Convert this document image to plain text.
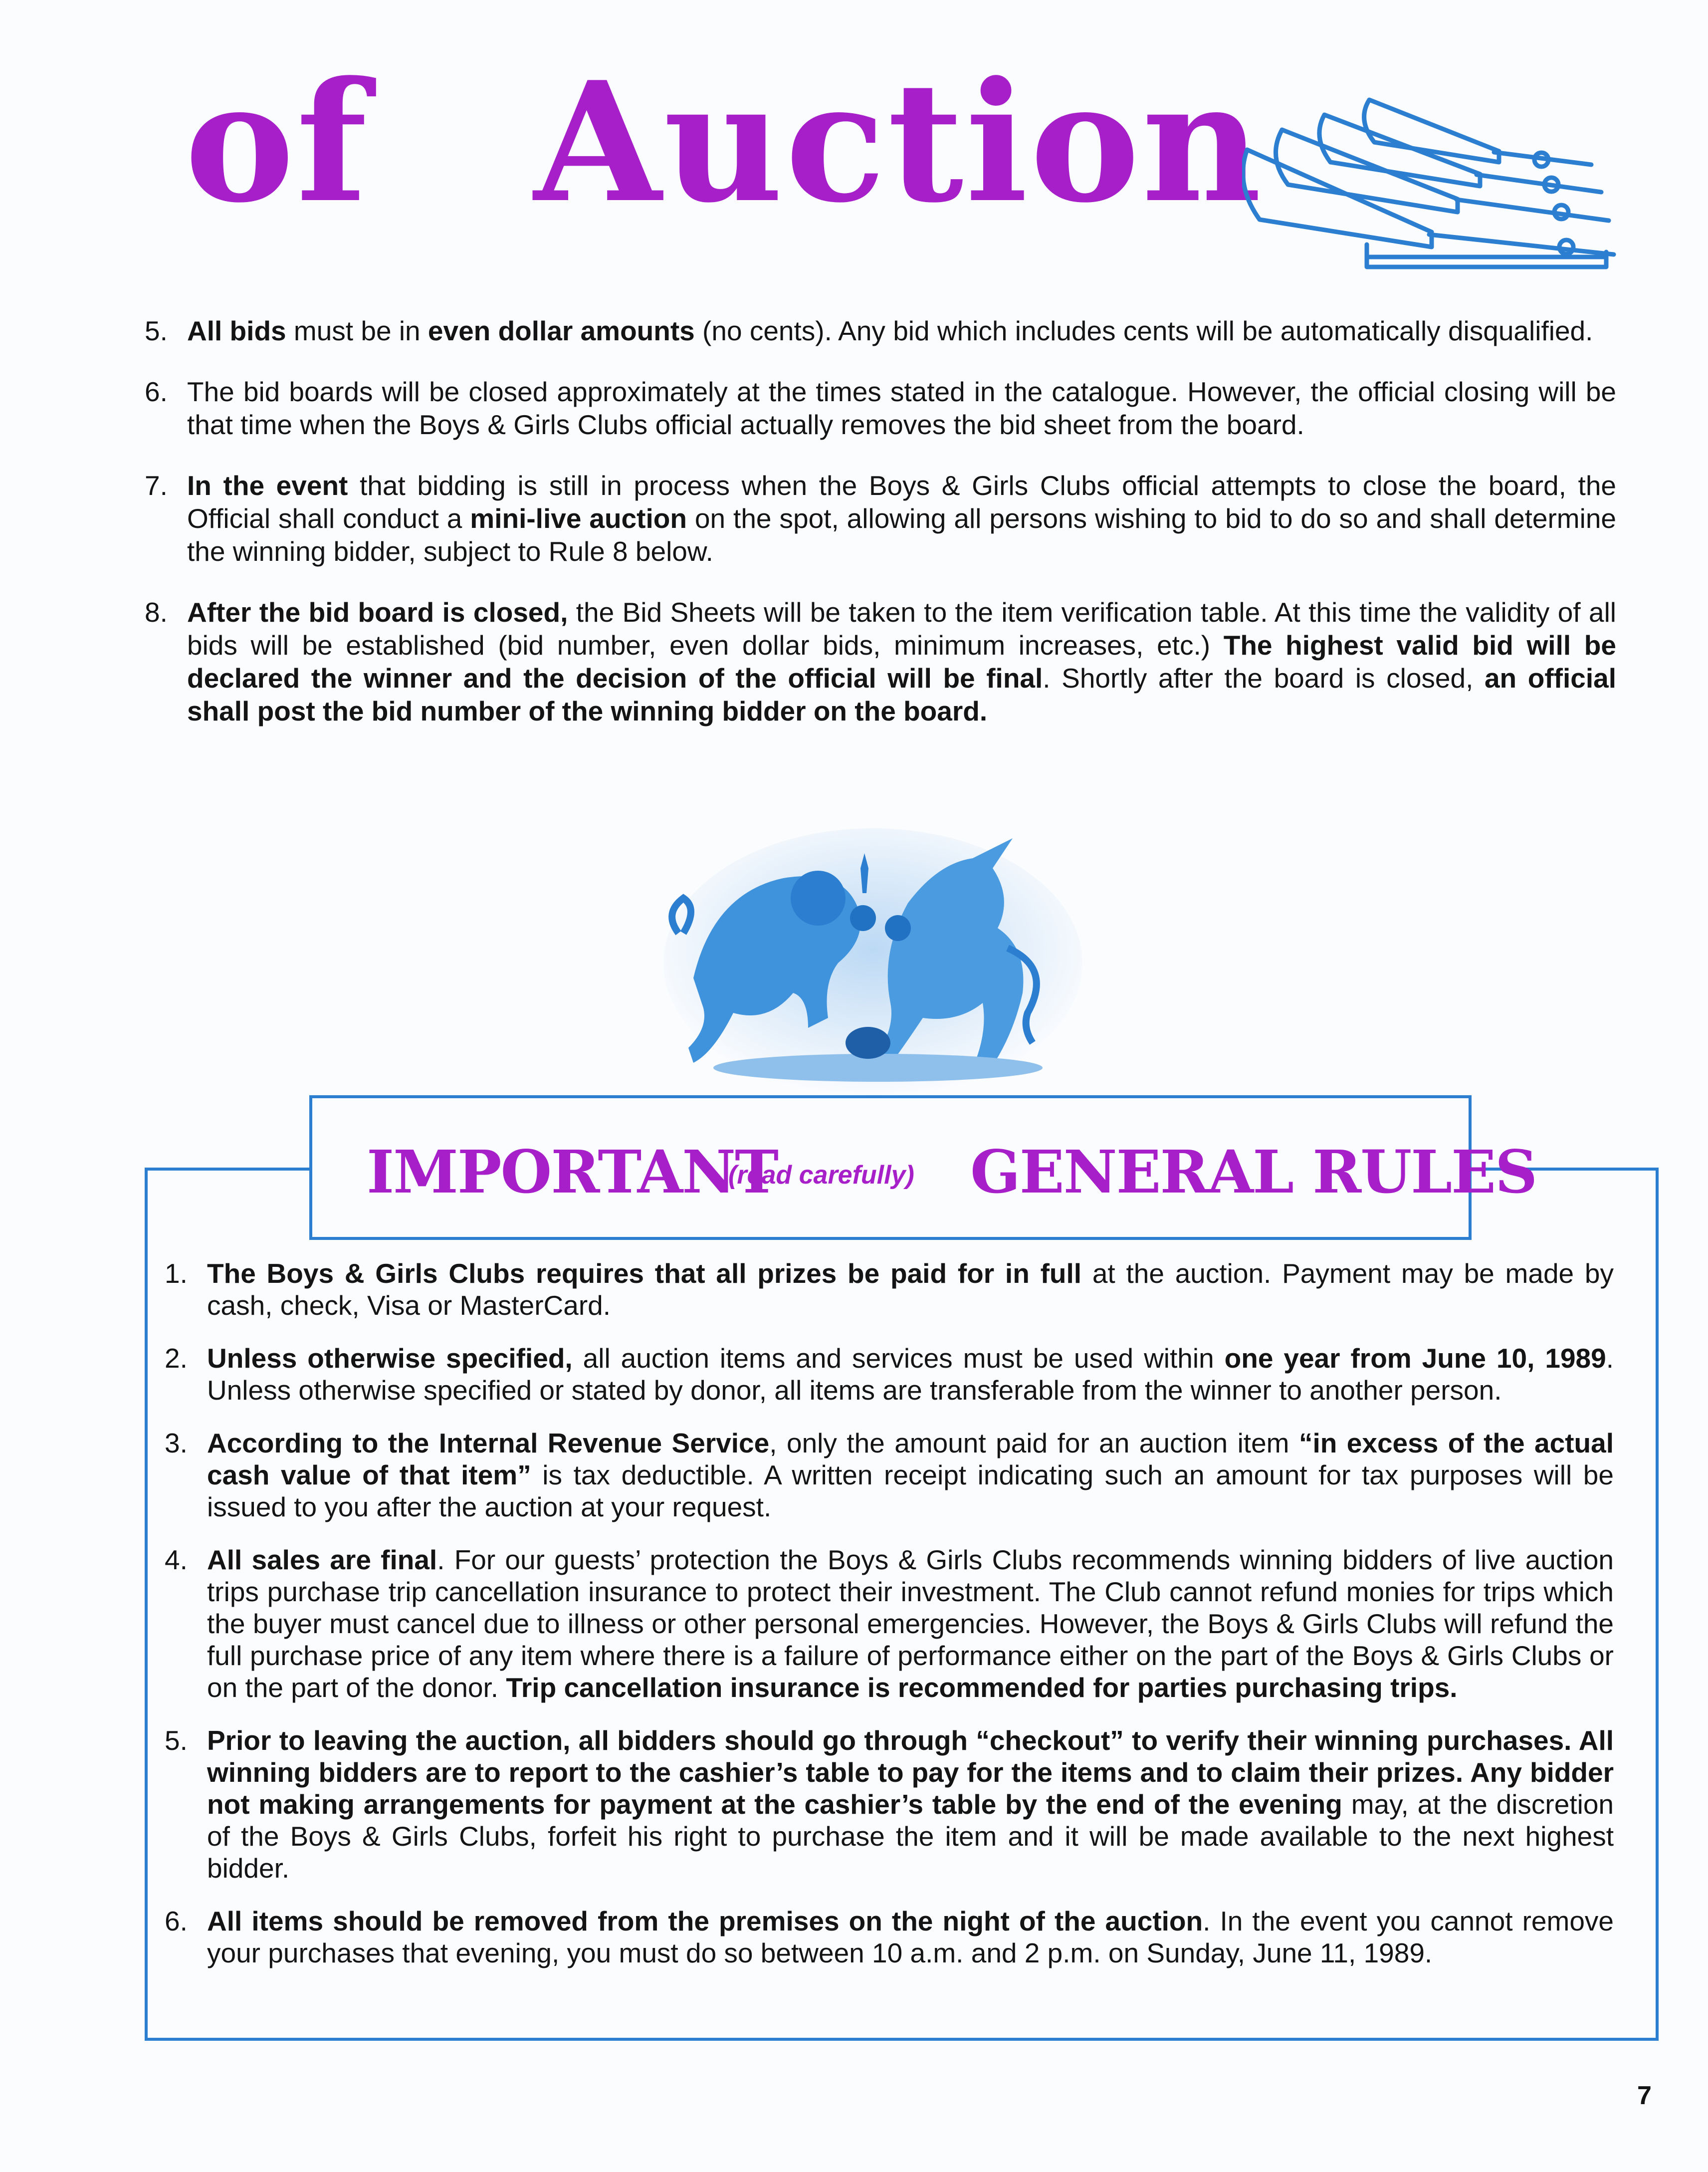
of Auction
5. All bids must be in even dollar amounts (no cents). Any bid which includes cents will be automatically disqualified.
6. The bid boards will be closed approximately at the times stated in the catalogue. However, the official closing will be that time when the Boys & Girls Clubs official actually removes the bid sheet from the board.
7. In the event that bidding is still in process when the Boys & Girls Clubs official attempts to close the board, the Official shall conduct a mini-live auction on the spot, allowing all persons wishing to bid to do so and shall determine the winning bidder, subject to Rule 8 below.
8. After the bid board is closed, the Bid Sheets will be taken to the item verification table. At this time the validity of all bids will be established (bid number, even dollar bids, minimum increases, etc.) The highest valid bid will be declared the winner and the decision of the official will be final. Shortly after the board is closed, an official shall post the bid number of the winning bidder on the board.
IMPORTANT
(read carefully) GENERAL RULES
1. The Boys & Girls Clubs requires that all prizes be paid for in full at the auction. Payment may be made by cash, check, Visa or MasterCard.
2. Unless otherwise specified, all auction items and services must be used within one year from June 10, 1989. Unless otherwise specified or stated by donor, all items are transferable from the winner to another person.
3. According to the Internal Revenue Service, only the amount paid for an auction item “in excess of the actual cash value of that item” is tax deductible. A written receipt indicating such an amount for tax purposes will be issued to you after the auction at your request.
4. All sales are final. For our guests’ protection the Boys & Girls Clubs recommends winning bidders of live auction trips purchase trip cancellation insurance to protect their investment. The Club cannot refund monies for trips which the buyer must cancel due to illness or other personal emergencies. However, the Boys & Girls Clubs will refund the full purchase price of any item where there is a failure of performance either on the part of the Boys & Girls Clubs or on the part of the donor. Trip cancellation insurance is recommended for parties purchasing trips.
5. Prior to leaving the auction, all bidders should go through “checkout” to verify their winning purchases. All winning bidders are to report to the cashier’s table to pay for the items and to claim their prizes. Any bidder not making arrangements for payment at the cashier’s table by the end of the evening may, at the discretion of the Boys & Girls Clubs, forfeit his right to purchase the item and it will be made available to the next highest bidder.
6. All items should be removed from the premises on the night of the auction. In the event you cannot remove your purchases that evening, you must do so between 10 a.m. and 2 p.m. on Sunday, June 11, 1989.
7
